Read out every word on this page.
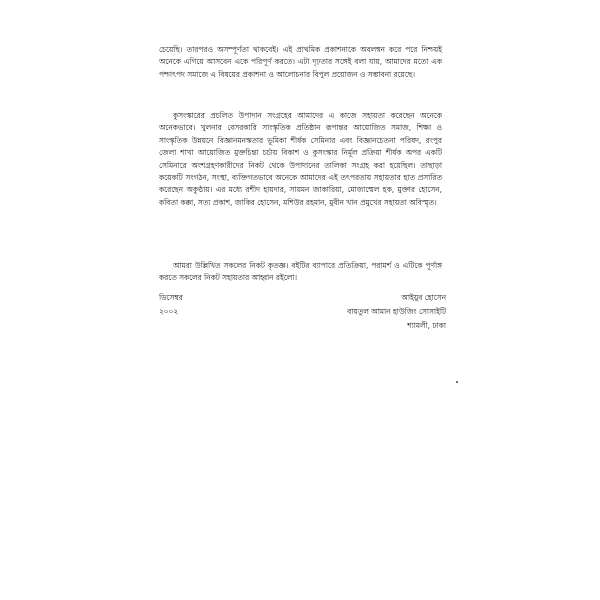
চেয়েছি। তারপরও অসম্পূর্ণতা থাকবেই। এই প্রাথমিক প্রকাশনাকে অবলম্বন করে পরে নিশ্চয়ই অনেকে এগিয়ে আসবেন একে পরিপূর্ণ করতে। এটা দৃঢ়তার সঙ্গেই বলা যায়, আমাদের মতো এক পশ্চাৎপদ সমাজে এ বিষয়ের প্রকাশনা ও আলোচনার বিপুল প্রয়োজন ও সম্ভাবনা রয়েছে।

কুসংস্কারের প্রচলিত উপাদান সংগ্রহের আমাদের এ কাজে সহায়তা করেছেন অনেকে অনেকভাবে। খুলনার বেসরকারি সাংস্কৃতিক প্রতিষ্ঠান রূপান্তর আয়োজিত সমাজ, শিক্ষা ও সাংস্কৃতিক উন্নয়নে বিজ্ঞানমনস্কতার ভূমিকা শীর্ষক সেমিনার এবং বিজ্ঞানচেতনা পরিষদ, রংপুর জেলা শাখা আয়োজিত মুক্তচিন্তা চর্চায় বিকাশ ও কুসংস্কার নির্মূল প্রক্রিয়া শীর্ষক অপর একটি সেমিনারে অংশগ্রহণকারীদের নিকট থেকে উপাদানের তালিকা সংগ্রহ করা হয়েছিল। তাছাড়া কয়েকটি সংগঠন, সংস্থা, ব্যক্তিগতভাবে অনেকে আমাদের এই তৎপরতায় সহায়তার হাত প্রসারিত করেছেন অকুণ্ঠায়। এর মধ্যে রশীদ হায়দার, সায়মন জাকারিয়া, মোজাম্মেল হক, মুক্তার হোসেন, কবিতা কক্কা, সত্য প্রকাশ, জাকির হোসেন, মশিউর রহমান, মুবীন খান প্রমুখের সহায়তা অবিস্মৃত।

আমরা উল্লিখিত সকলের নিকট কৃতজ্ঞ। বইটির ব্যাপারে প্রতিক্রিয়া, পরামর্শ ও এটিকে পূর্ণাঙ্গ করতে সকলের নিকট সহায়তার আহ্বান রইলো।

ডিসেম্বর
২০০২
আইয়ুব হোসেন
বায়তুল আমান হাউজিং সোসাইটি
শ্যামলী, ঢাকা
